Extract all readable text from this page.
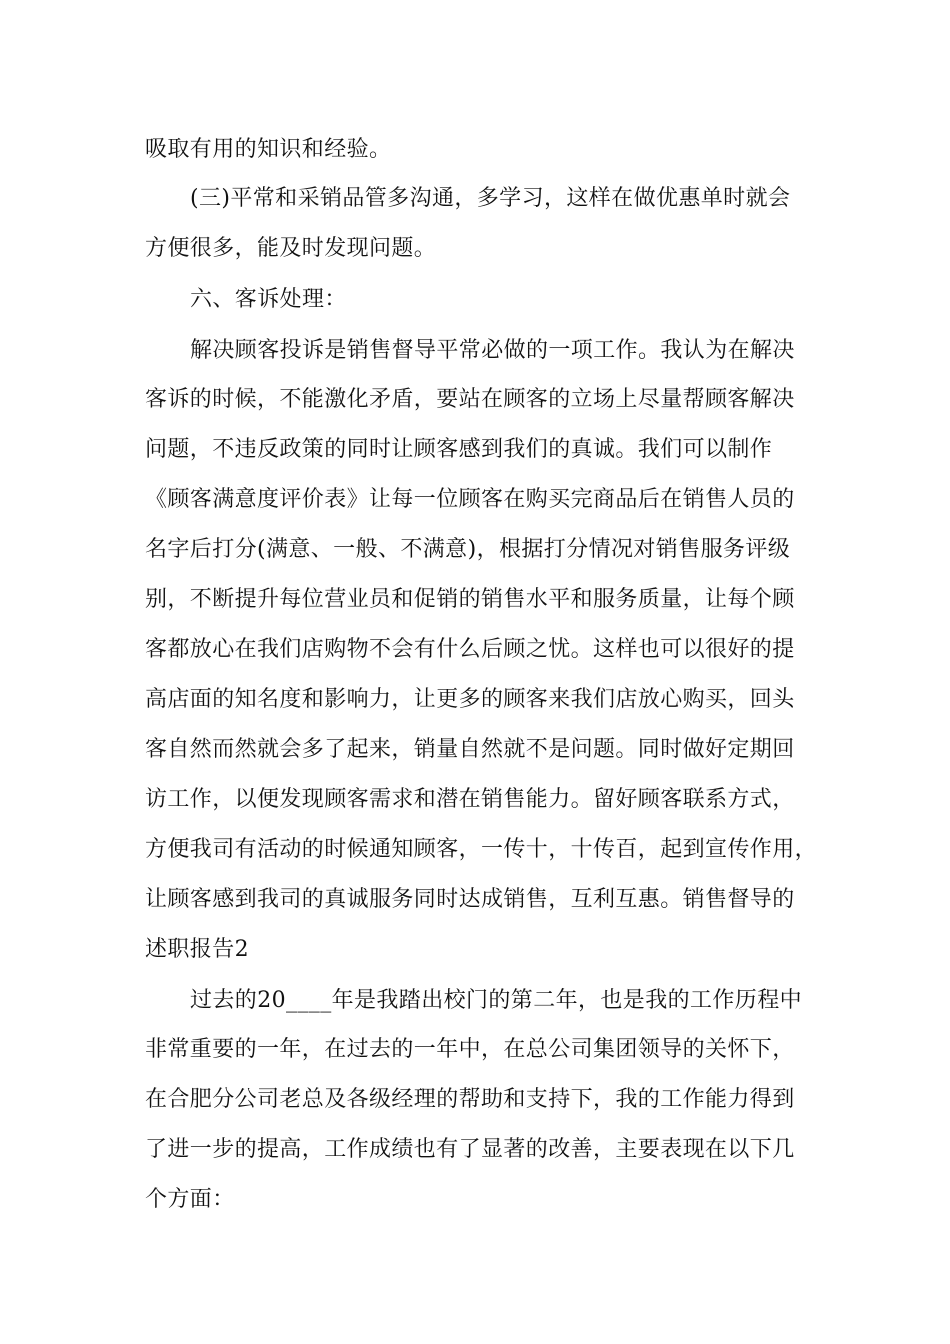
吸取有用的知识和经验。
(三)平常和采销品管多沟通，多学习，这样在做优惠单时就会
方便很多，能及时发现问题。
六、客诉处理：
解决顾客投诉是销售督导平常必做的一项工作。我认为在解决
客诉的时候，不能激化矛盾，要站在顾客的立场上尽量帮顾客解决
问题，不违反政策的同时让顾客感到我们的真诚。我们可以制作
《顾客满意度评价表》让每一位顾客在购买完商品后在销售人员的
名字后打分(满意、一般、不满意)，根据打分情况对销售服务评级
别，不断提升每位营业员和促销的销售水平和服务质量，让每个顾
客都放心在我们店购物不会有什么后顾之忧。这样也可以很好的提
高店面的知名度和影响力，让更多的顾客来我们店放心购买，回头
客自然而然就会多了起来，销量自然就不是问题。同时做好定期回
访工作，以便发现顾客需求和潜在销售能力。留好顾客联系方式，
方便我司有活动的时候通知顾客，一传十，十传百，起到宣传作用，
让顾客感到我司的真诚服务同时达成销售，互利互惠。销售督导的
述职报告2
过去的20____年是我踏出校门的第二年，也是我的工作历程中
非常重要的一年，在过去的一年中，在总公司集团领导的关怀下，
在合肥分公司老总及各级经理的帮助和支持下，我的工作能力得到
了进一步的提高，工作成绩也有了显著的改善，主要表现在以下几
个方面：
